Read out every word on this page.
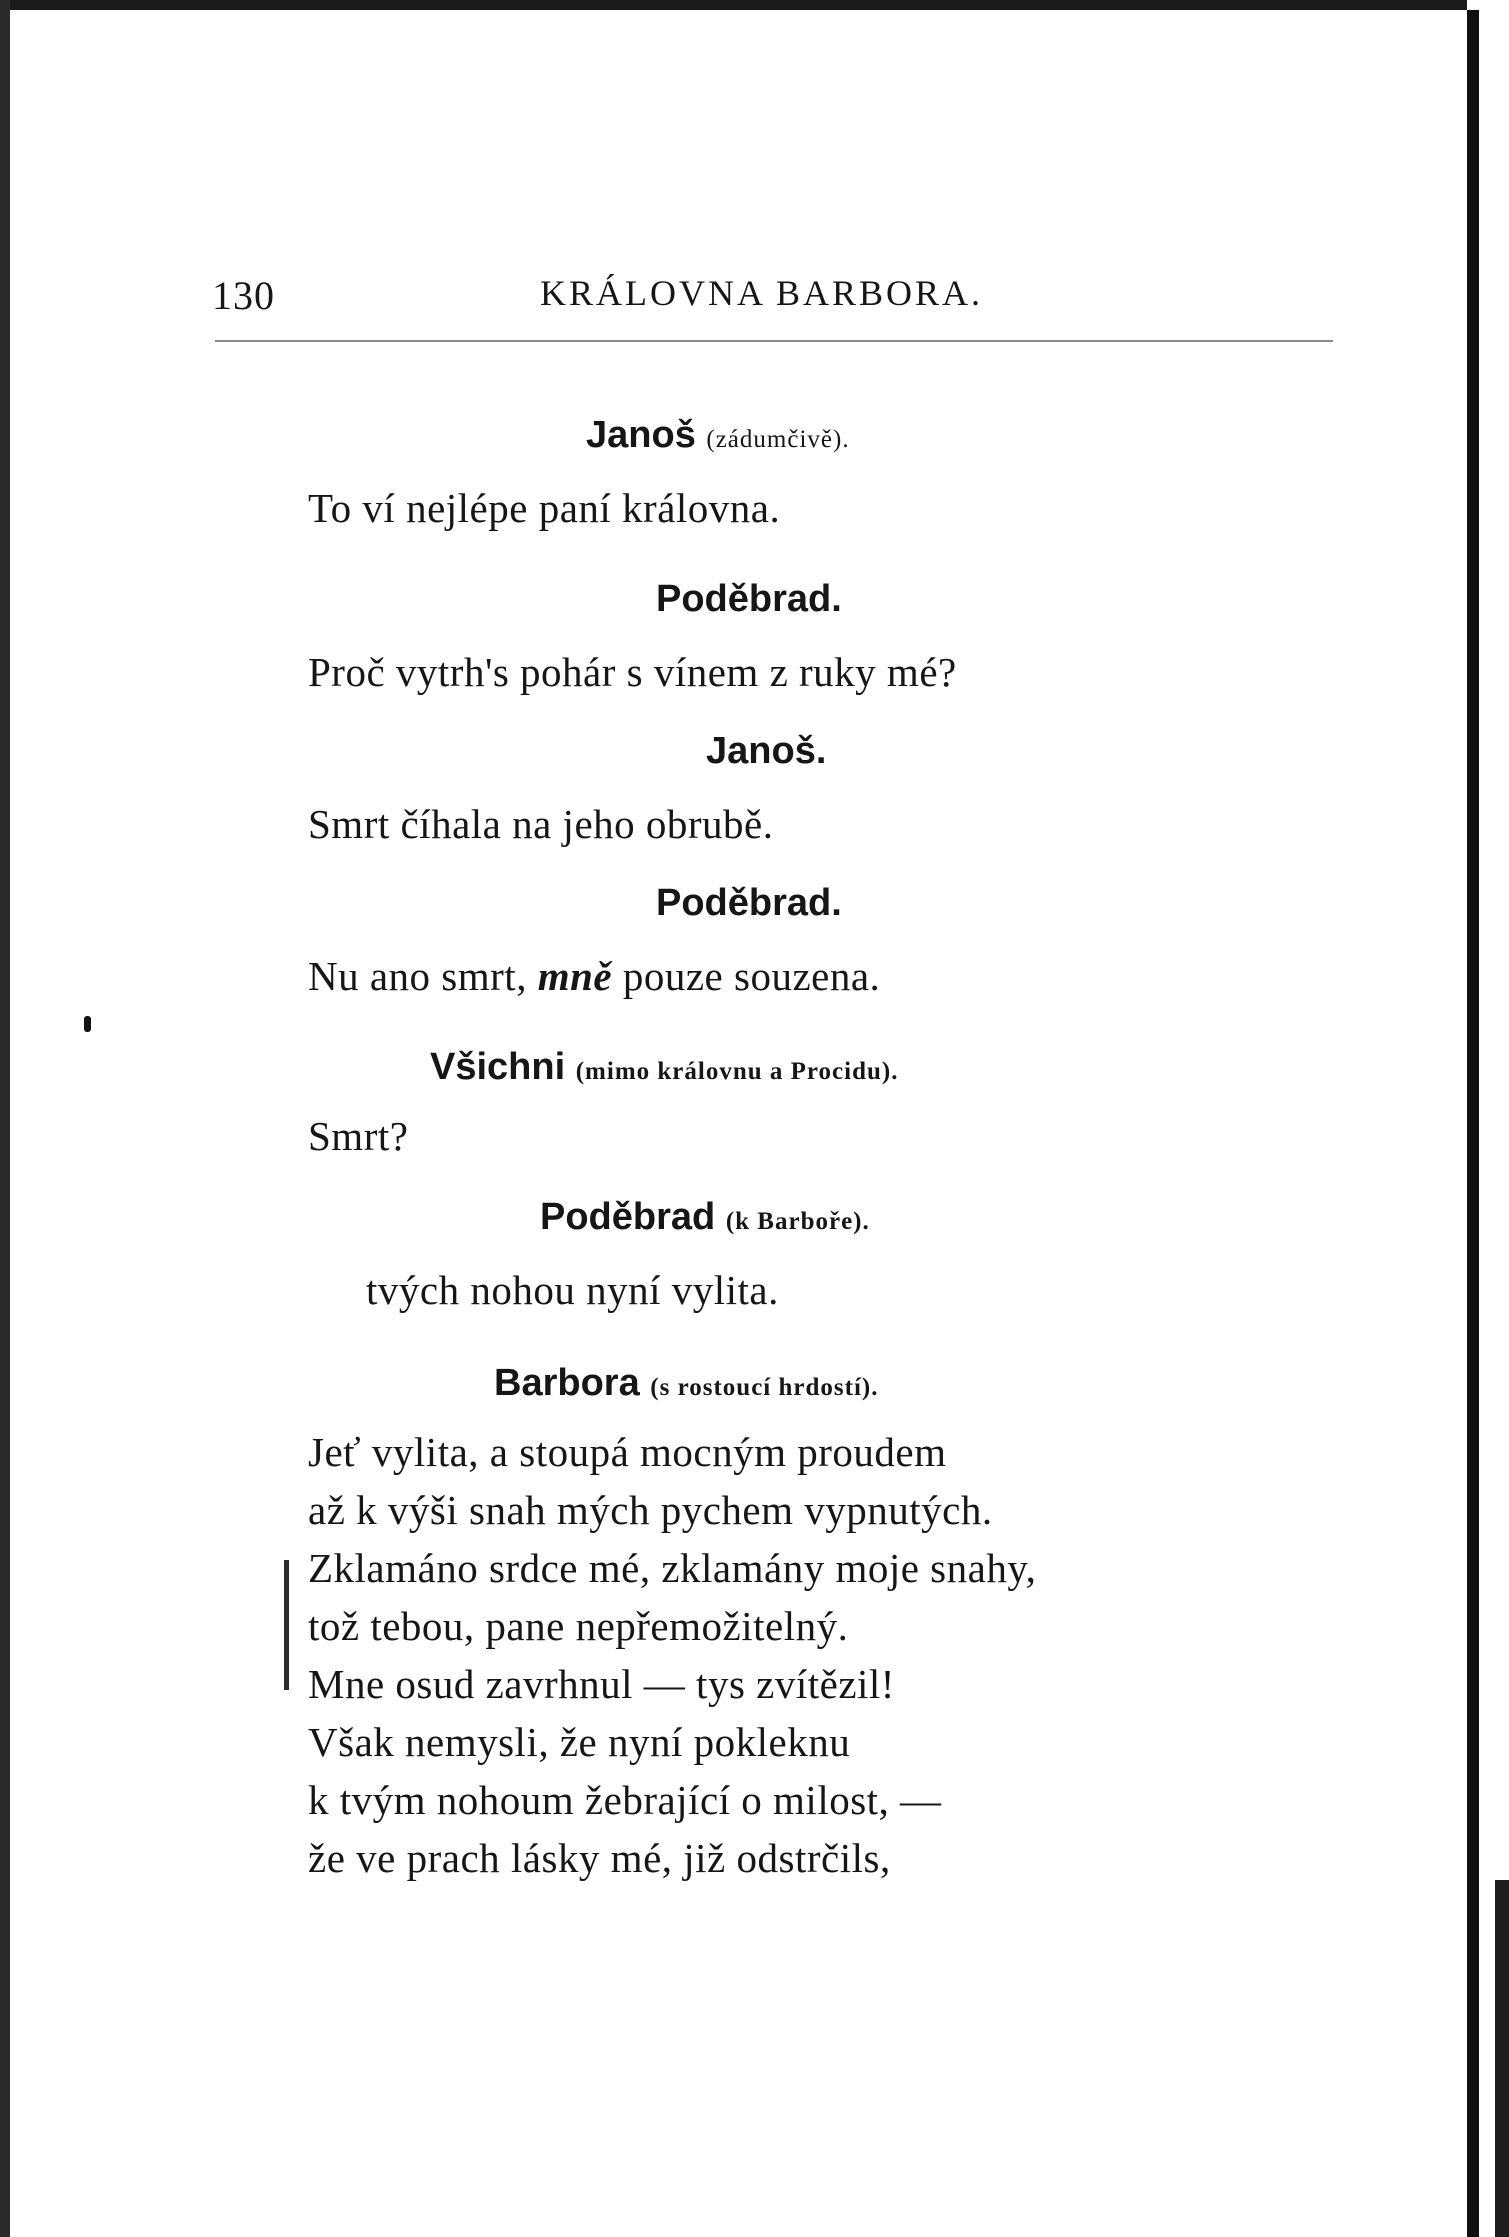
130	KRÁLOVNA BARBORA.
Janoš (zádumčivě).
To ví nejlépe paní královna.
Poděbrad.
Proč vytrh's pohár s vínem z ruky mé?
Janoš.
Smrt číhala na jeho obrubě.
Poděbrad.
Nu ano smrt, mně pouze souzena.
Všichni (mimo královnu a Procidu).
Smrt?
Poděbrad (k Barboře).
tvých nohou nyní vylita.
Barbora (s rostoucí hrdostí).
Jeť vylita, a stoupá mocným proudem
až k výši snah mých pychem vypnutých.
Zklamáno srdce mé, zklamány moje snahy,
tož tebou, pane nepřemožitelný.
Mne osud zavrhnul — tys zvítězil!
Však nemysli, že nyní pokleknu
k tvým nohoum žebrající o milost, —
že ve prach lásky mé, již odstrčils,
